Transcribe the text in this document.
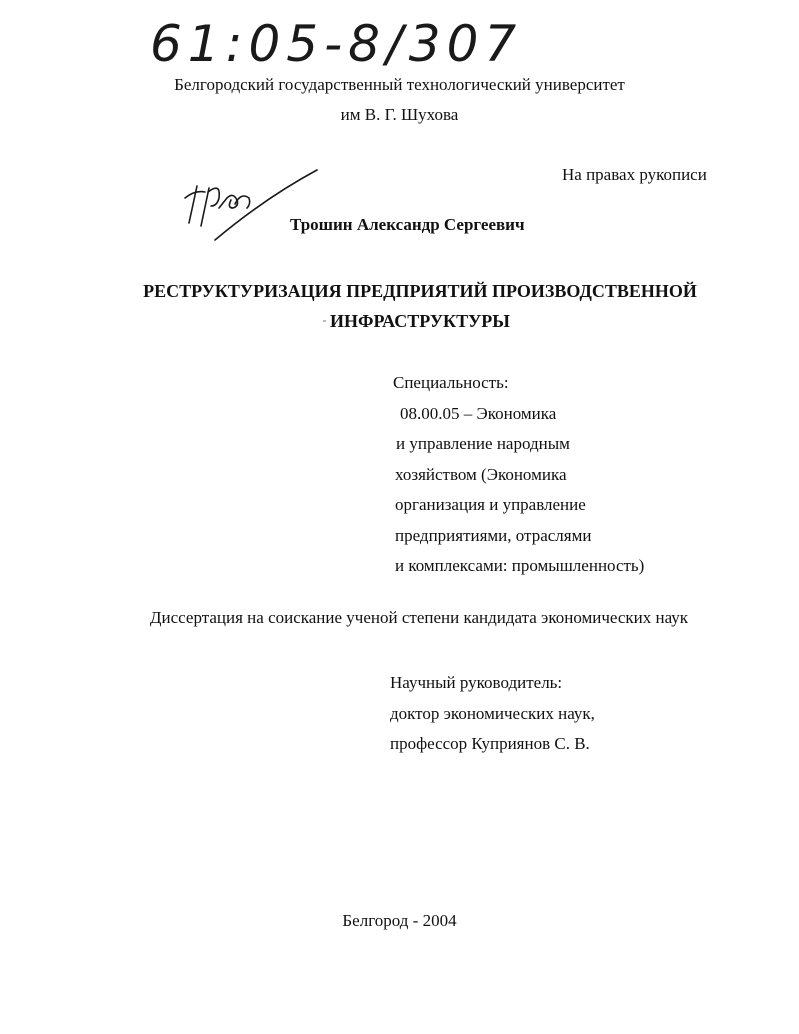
61:05-8/307
Белгородский государственный технологический университет
им В. Г. Шухова
На правах рукописи
Трошин Александр Сергеевич
РЕСТРУКТУРИЗАЦИЯ ПРЕДПРИЯТИЙ ПРОИЗВОДСТВЕННОЙ
ИНФРАСТРУКТУРЫ
Специальность:
08.00.05 – Экономика
и управление народным
хозяйством (Экономика
организация и управление
предприятиями, отраслями
и комплексами: промышленность)
Диссертация на соискание ученой степени кандидата экономических наук
Научный руководитель:
доктор экономических наук,
профессор Куприянов С. В.
Белгород - 2004
